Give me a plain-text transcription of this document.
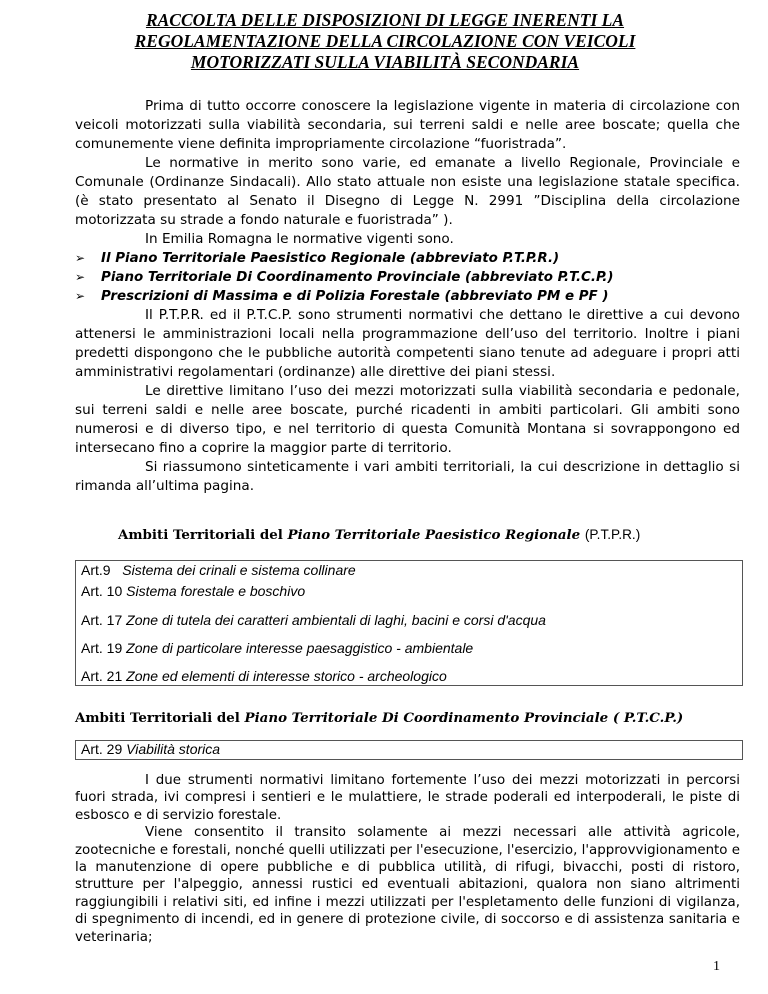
RACCOLTA DELLE DISPOSIZIONI DI LEGGE INERENTI LA
REGOLAMENTAZIONE DELLA CIRCOLAZIONE CON VEICOLI
MOTORIZZATI SULLA VIABILITÀ SECONDARIA

Prima di tutto occorre conoscere la legislazione vigente in materia di circolazione con veicoli motorizzati sulla viabilità secondaria, sui terreni saldi e nelle aree boscate; quella che comunemente viene definita impropriamente circolazione “fuoristrada”.

Le normative in merito sono varie, ed emanate a livello Regionale, Provinciale e Comunale (Ordinanze Sindacali). Allo stato attuale non esiste una legislazione statale specifica. (è stato presentato al Senato il Disegno di Legge N. 2991 ”Disciplina della circolazione motorizzata su strade a fondo naturale e fuoristrada” ).

In Emilia Romagna le normative vigenti sono.

➢ Il Piano Territoriale Paesistico Regionale (abbreviato P.T.P.R.)
➢ Piano Territoriale Di Coordinamento Provinciale (abbreviato P.T.C.P.)
➢ Prescrizioni di Massima e di Polizia Forestale (abbreviato PM e PF )

Il P.T.P.R. ed il P.T.C.P. sono strumenti normativi che dettano le direttive a cui devono attenersi le amministrazioni locali nella programmazione dell’uso del territorio. Inoltre i piani predetti dispongono che le pubbliche autorità competenti siano tenute ad adeguare i propri atti amministrativi regolamentari (ordinanze) alle direttive dei piani stessi.

Le direttive limitano l’uso dei mezzi motorizzati sulla viabilità secondaria e pedonale, sui terreni saldi e nelle aree boscate, purché ricadenti in ambiti particolari. Gli ambiti sono numerosi e di diverso tipo, e nel territorio di questa Comunità Montana si sovrappongono ed intersecano fino a coprire la maggior parte di territorio.

Si riassumono sinteticamente i vari ambiti territoriali, la cui descrizione in dettaglio si rimanda all’ultima pagina.

Ambiti Territoriali del Piano Territoriale Paesistico Regionale (P.T.P.R.)
Art.9 Sistema dei crinali e sistema collinare
Art. 10 Sistema forestale e boschivo
Art. 17 Zone di tutela dei caratteri ambientali di laghi, bacini e corsi d'acqua
Art. 19 Zone di particolare interesse paesaggistico - ambientale
Art. 21 Zone ed elementi di interesse storico - archeologico
Ambiti Territoriali del Piano Territoriale Di Coordinamento Provinciale ( P.T.C.P.)
Art. 29 Viabilità storica

I due strumenti normativi limitano fortemente l’uso dei mezzi motorizzati in percorsi fuori strada, ivi compresi i sentieri e le mulattiere, le strade poderali ed interpoderali, le piste di esbosco e di servizio forestale.

Viene consentito il transito solamente ai mezzi necessari alle attività agricole, zootecniche e forestali, nonché quelli utilizzati per l'esecuzione, l'esercizio, l'approvvigionamento e la manutenzione di opere pubbliche e di pubblica utilità, di rifugi, bivacchi, posti di ristoro, strutture per l'alpeggio, annessi rustici ed eventuali abitazioni, qualora non siano altrimenti raggiungibili i relativi siti, ed infine i mezzi utilizzati per l'espletamento delle funzioni di vigilanza, di spegnimento di incendi, ed in genere di protezione civile, di soccorso e di assistenza sanitaria e veterinaria;

1
